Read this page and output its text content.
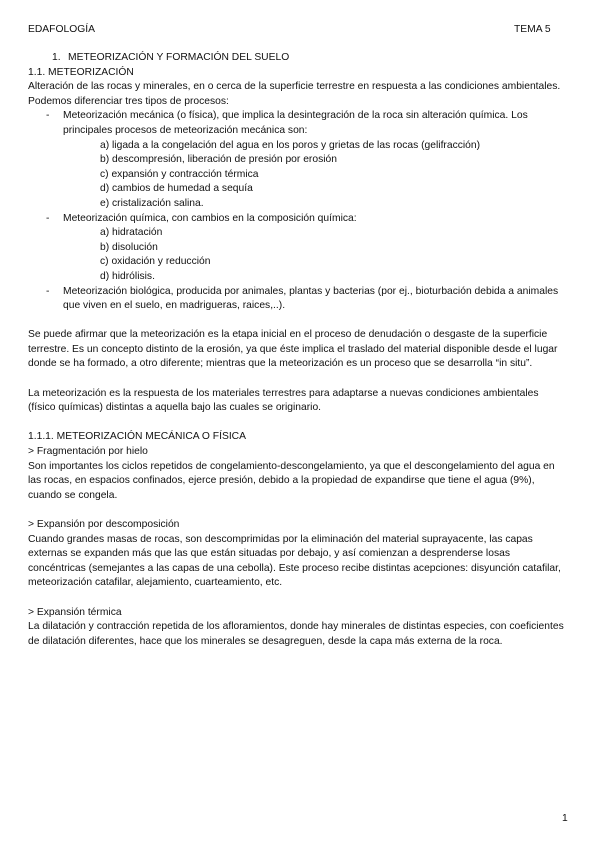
EDAFOLOGÍA	TEMA 5

1. METEORIZACIÓN Y FORMACIÓN DEL SUELO

1.1. METEORIZACIÓN

Alteración de las rocas y minerales, en o cerca de la superficie terrestre en respuesta a las condiciones ambientales. Podemos diferenciar tres tipos de procesos:

- Meteorización mecánica (o física), que implica la desintegración de la roca sin alteración química. Los principales procesos de meteorización mecánica son:
a) ligada a la congelación del agua en los poros y grietas de las rocas (gelifracción)
b) descompresión, liberación de presión por erosión
c) expansión y contracción térmica
d) cambios de humedad a sequía
e) cristalización salina.
- Meteorización química, con cambios en la composición química:
a) hidratación
b) disolución
c) oxidación y reducción
d) hidrólisis.
- Meteorización biológica, producida por animales, plantas y bacterias (por ej., bioturbación debida a animales que viven en el suelo, en madrigueras, raices,..).

Se puede afirmar que la meteorización es la etapa inicial en el proceso de denudación o desgaste de la superficie terrestre. Es un concepto distinto de la erosión, ya que éste implica el traslado del material disponible desde el lugar donde se ha formado, a otro diferente; mientras que la meteorización es un proceso que se desarrolla “in situ”.

La meteorización es la respuesta de los materiales terrestres para adaptarse a nuevas condiciones ambientales (físico químicas) distintas a aquella bajo las cuales se originario.

1.1.1. METEORIZACIÓN MECÁNICA O FÍSICA

> Fragmentación por hielo

Son importantes los ciclos repetidos de congelamiento-descongelamiento, ya que el descongelamiento del agua en las rocas, en espacios confinados, ejerce presión, debido a la propiedad de expandirse que tiene el agua (9%), cuando se congela.

> Expansión por descomposición

Cuando grandes masas de rocas, son descomprimidas por la eliminación del material suprayacente, las capas externas se expanden más que las que están situadas por debajo, y así comienzan a desprenderse losas concéntricas (semejantes a las capas de una cebolla). Este proceso recibe distintas acepciones: disyunción catafilar, meteorización catafilar, alejamiento, cuarteamiento, etc.

> Expansión térmica

La dilatación y contracción repetida de los afloramientos, donde hay minerales de distintas especies, con coeficientes de dilatación diferentes, hace que los minerales se desagreguen, desde la capa más externa de la roca.

1
